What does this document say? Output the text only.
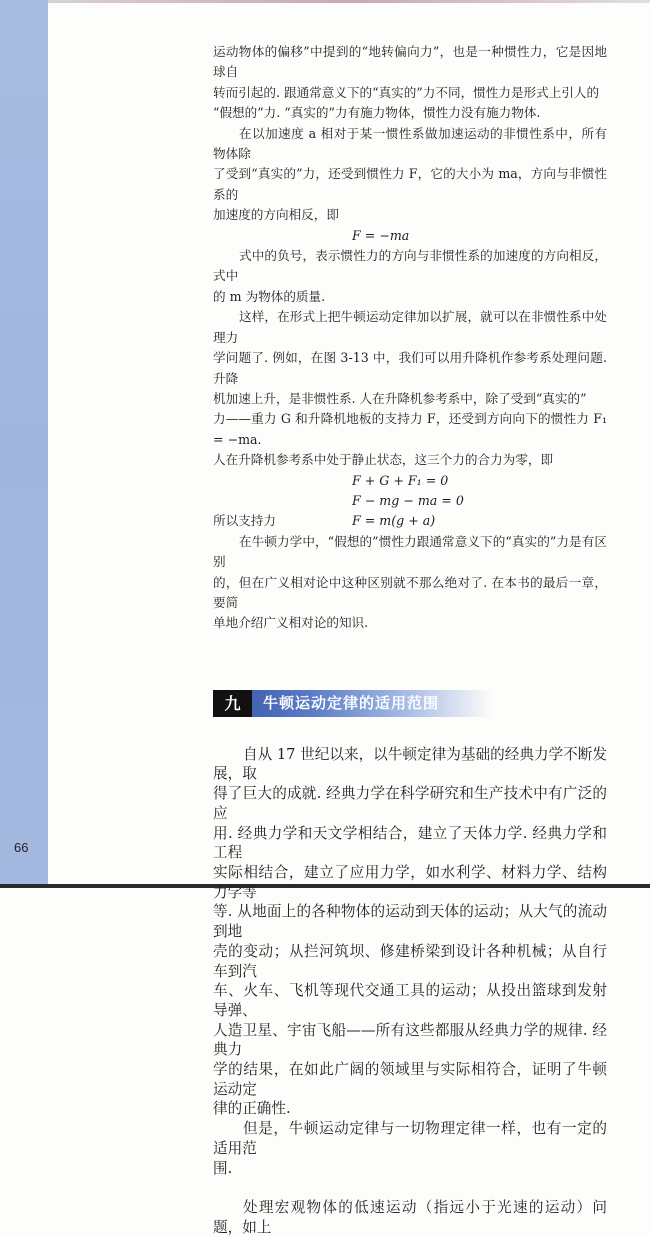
66
运动物体的偏移”中提到的“地转偏向力”，也是一种惯性力，它是因地球自
转而引起的. 跟通常意义下的“真实的”力不同，惯性力是形式上引人的
“假想的”力. “真实的”力有施力物体，惯性力没有施力物体.
在以加速度 a 相对于某一惯性系做加速运动的非惯性系中，所有物体除
了受到“真实的”力，还受到惯性力 F，它的大小为 ma，方向与非惯性系的
加速度的方向相反，即
F = −ma
式中的负号，表示惯性力的方向与非惯性系的加速度的方向相反，式中
的 m 为物体的质量.
这样，在形式上把牛顿运动定律加以扩展，就可以在非惯性系中处理力
学问题了. 例如，在图 3-13 中，我们可以用升降机作参考系处理问题. 升降
机加速上升，是非惯性系. 人在升降机参考系中，除了受到“真实的”
力——重力 G 和升降机地板的支持力 F，还受到方向向下的惯性力 F₁ = −ma.
人在升降机参考系中处于静止状态，这三个力的合力为零，即
F + G + F₁ = 0
F − mg − ma = 0
所以支持力	F = m(g + a)
在牛顿力学中，“假想的”惯性力跟通常意义下的“真实的”力是有区别
的，但在广义相对论中这种区别就不那么绝对了. 在本书的最后一章，要简
单地介绍广义相对论的知识.
九	牛顿运动定律的适用范围
自从 17 世纪以来，以牛顿定律为基础的经典力学不断发展，取
得了巨大的成就. 经典力学在科学研究和生产技术中有广泛的应
用. 经典力学和天文学相结合，建立了天体力学. 经典力学和工程
实际相结合，建立了应用力学，如水利学、材料力学、结构力学等
等. 从地面上的各种物体的运动到天体的运动；从大气的流动到地
壳的变动；从拦河筑坝、修建桥梁到设计各种机械；从自行车到汽
车、火车、飞机等现代交通工具的运动；从投出篮球到发射导弹、
人造卫星、宇宙飞船——所有这些都服从经典力学的规律. 经典力
学的结果，在如此广阔的领域里与实际相符合，证明了牛顿运动定
律的正确性.
但是，牛顿运动定律与一切物理定律一样，也有一定的适用范
围.
处理宏观物体的低速运动（指远小于光速的运动）问题，如上
